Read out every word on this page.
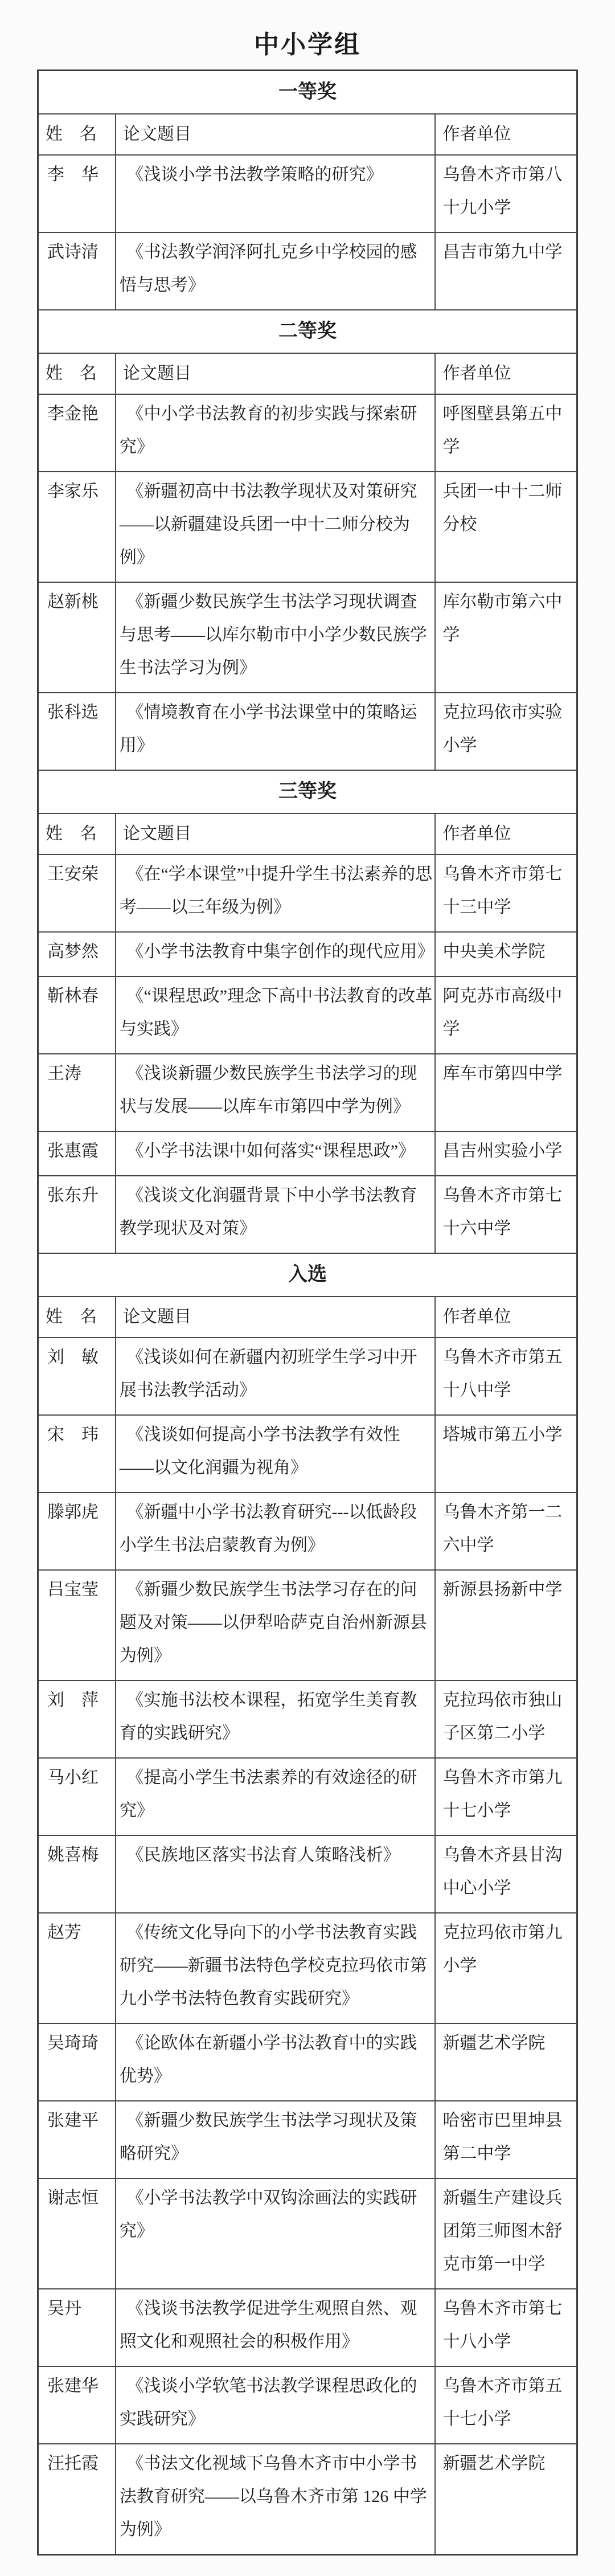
中小学组
一等奖		
姓　名	论文题目	作者单位
李　华	《浅谈小学书法教学策略的研究》	乌鲁木齐市第八十九小学
武诗清	《书法教学润泽阿扎克乡中学校园的感悟与思考》	昌吉市第九中学
二等奖		
姓　名	论文题目	作者单位
李金艳	《中小学书法教育的初步实践与探索研究》	呼图壁县第五中学
李家乐	《新疆初高中书法教学现状及对策研究——以新疆建设兵团一中十二师分校为例》	兵团一中十二师分校
赵新桃	《新疆少数民族学生书法学习现状调查与思考——以库尔勒市中小学少数民族学生书法学习为例》	库尔勒市第六中学
张科选	《情境教育在小学书法课堂中的策略运用》	克拉玛依市实验小学
三等奖		
姓　名	论文题目	作者单位
王安荣	《在“学本课堂”中提升学生书法素养的思考——以三年级为例》	乌鲁木齐市第七十三中学
高梦然	《小学书法教育中集字创作的现代应用》	中央美术学院
靳林春	《“课程思政”理念下高中书法教育的改革与实践》	阿克苏市高级中学
王涛	《浅谈新疆少数民族学生书法学习的现状与发展——以库车市第四中学为例》	库车市第四中学
张惠霞	《小学书法课中如何落实“课程思政”》	昌吉州实验小学
张东升	《浅谈文化润疆背景下中小学书法教育教学现状及对策》	乌鲁木齐市第七十六中学
入选		
姓　名	论文题目	作者单位
刘　敏	《浅谈如何在新疆内初班学生学习中开展书法教学活动》	乌鲁木齐市第五十八中学
宋　玮	《浅谈如何提高小学书法教学有效性——以文化润疆为视角》	塔城市第五小学
滕郭虎	《新疆中小学书法教育研究---以低龄段小学生书法启蒙教育为例》	乌鲁木齐第一二六中学
吕宝莹	《新疆少数民族学生书法学习存在的问题及对策——以伊犁哈萨克自治州新源县为例》	新源县扬新中学
刘　萍	《实施书法校本课程，拓宽学生美育教育的实践研究》	克拉玛依市独山子区第二小学
马小红	《提高小学生书法素养的有效途径的研究》	乌鲁木齐市第九十七小学
姚喜梅	《民族地区落实书法育人策略浅析》	乌鲁木齐县甘沟中心小学
赵芳	《传统文化导向下的小学书法教育实践研究——新疆书法特色学校克拉玛依市第九小学书法特色教育实践研究》	克拉玛依市第九小学
吴琦琦	《论欧体在新疆小学书法教育中的实践优势》	新疆艺术学院
张建平	《新疆少数民族学生书法学习现状及策略研究》	哈密市巴里坤县第二中学
谢志恒	《小学书法教学中双钩涂画法的实践研究》	新疆生产建设兵团第三师图木舒克市第一中学
吴丹	《浅谈书法教学促进学生观照自然、观照文化和观照社会的积极作用》	乌鲁木齐市第七十八小学
张建华	《浅谈小学软笔书法教学课程思政化的实践研究》	乌鲁木齐市第五十七小学
汪托霞	《书法文化视域下乌鲁木齐市中小学书法教育研究——以乌鲁木齐市第 126 中学为例》	新疆艺术学院
